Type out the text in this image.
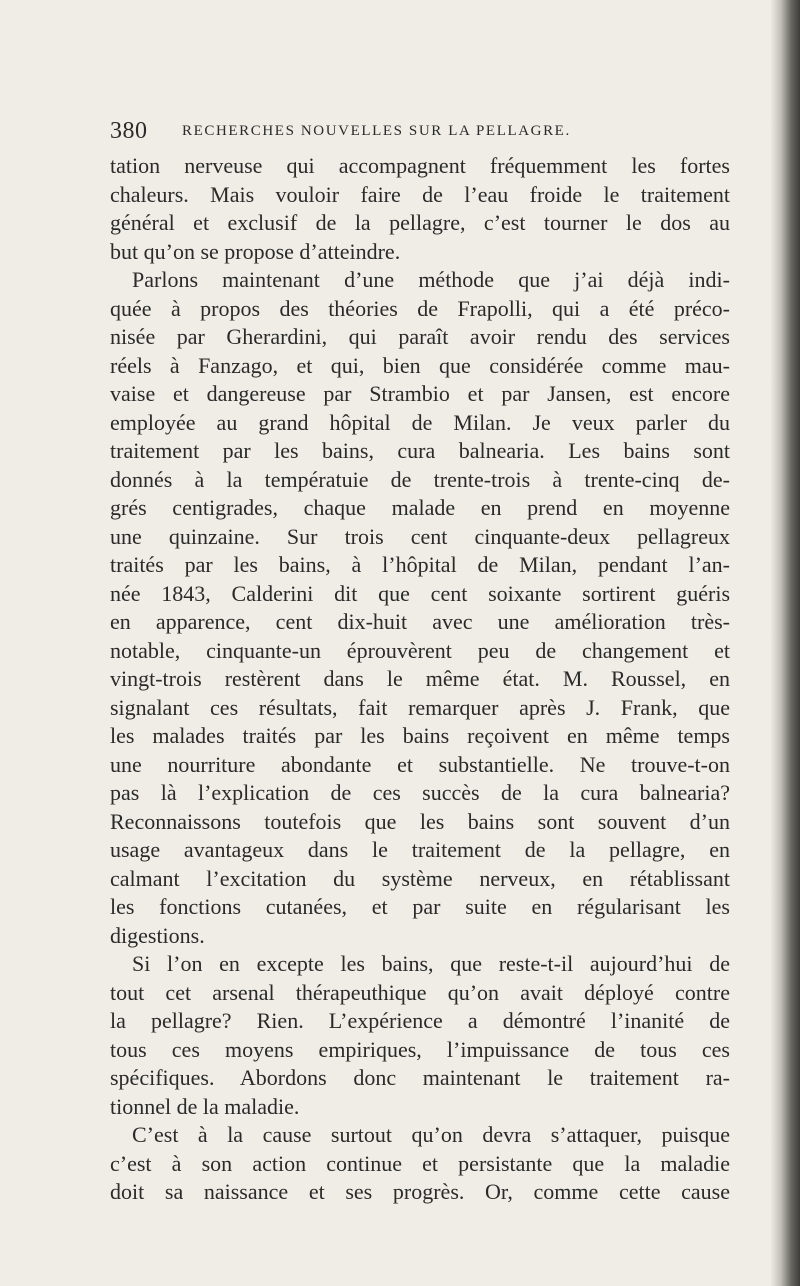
380 RECHERCHES NOUVELLES SUR LA PELLAGRE.
tation nerveuse qui accompagnent fréquemment les fortes
chaleurs. Mais vouloir faire de l’eau froide le traitement
général et exclusif de la pellagre, c’est tourner le dos au
but qu’on se propose d’atteindre.
Parlons maintenant d’une méthode que j’ai déjà indi-
quée à propos des théories de Frapolli, qui a été préco-
nisée par Gherardini, qui paraît avoir rendu des services
réels à Fanzago, et qui, bien que considérée comme mau-
vaise et dangereuse par Strambio et par Jansen, est encore
employée au grand hôpital de Milan. Je veux parler du
traitement par les bains, cura balnearia. Les bains sont
donnés à la températuie de trente-trois à trente-cinq de-
grés centigrades, chaque malade en prend en moyenne
une quinzaine. Sur trois cent cinquante-deux pellagreux
traités par les bains, à l’hôpital de Milan, pendant l’an-
née 1843, Calderini dit que cent soixante sortirent guéris
en apparence, cent dix-huit avec une amélioration très-
notable, cinquante-un éprouvèrent peu de changement et
vingt-trois restèrent dans le même état. M. Roussel, en
signalant ces résultats, fait remarquer après J. Frank, que
les malades traités par les bains reçoivent en même temps
une nourriture abondante et substantielle. Ne trouve-t-on
pas là l’explication de ces succès de la cura balnearia?
Reconnaissons toutefois que les bains sont souvent d’un
usage avantageux dans le traitement de la pellagre, en
calmant l’excitation du système nerveux, en rétablissant
les fonctions cutanées, et par suite en régularisant les
digestions.
Si l’on en excepte les bains, que reste-t-il aujourd’hui de
tout cet arsenal thérapeuthique qu’on avait déployé contre
la pellagre? Rien. L’expérience a démontré l’inanité de
tous ces moyens empiriques, l’impuissance de tous ces
spécifiques. Abordons donc maintenant le traitement ra-
tionnel de la maladie.
C’est à la cause surtout qu’on devra s’attaquer, puisque
c’est à son action continue et persistante que la maladie
doit sa naissance et ses progrès. Or, comme cette cause
